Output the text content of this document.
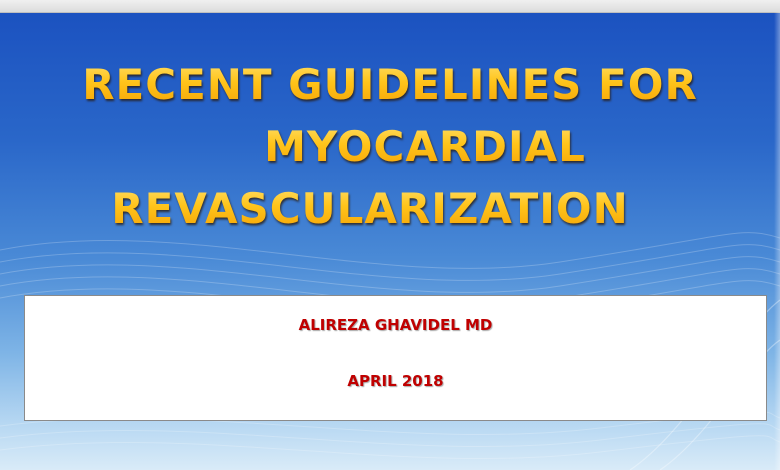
RECENT GUIDELINES FOR
MYOCARDIAL
REVASCULARIZATION
ALIREZA GHAVIDEL MD
APRIL 2018
